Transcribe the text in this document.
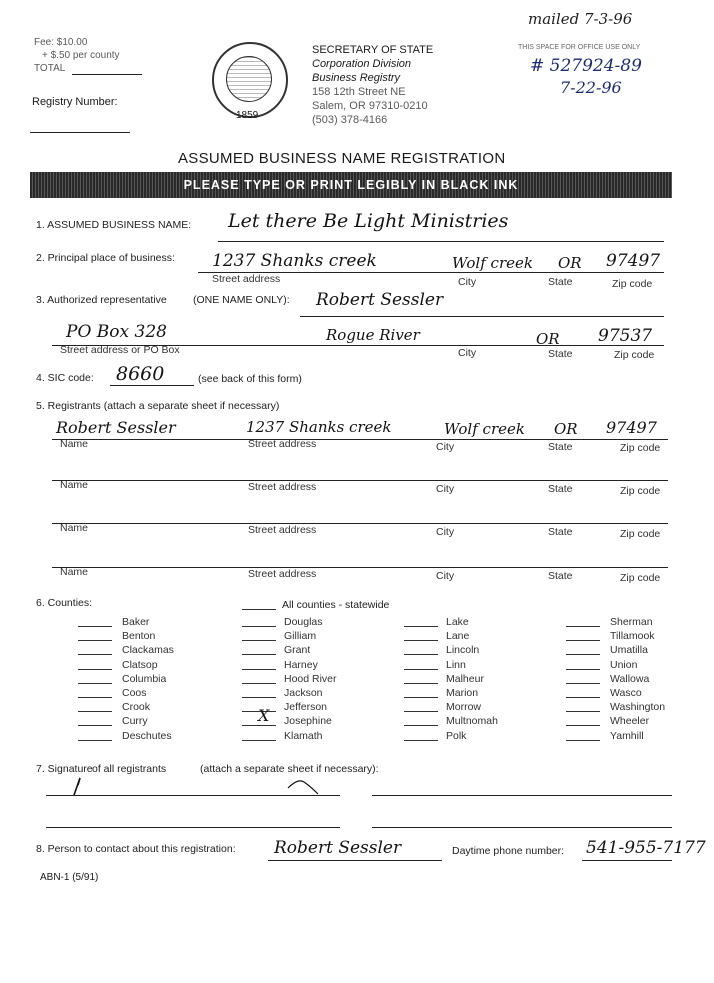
Fee: $10.00
+ $.50 per county
TOTAL
Registry Number:
1859
SECRETARY OF STATE
Corporation Division
Business Registry
158 12th Street NE
Salem, OR 97310-0210
(503) 378-4166
mailed 7-3-96
THIS SPACE FOR OFFICE USE ONLY
# 527924-89
7-22-96
ASSUMED BUSINESS NAME REGISTRATION
PLEASE TYPE OR PRINT LEGIBLY IN BLACK INK
1. ASSUMED BUSINESS NAME: Let there Be Light Ministries
2. Principal place of business: 1237 Shanks creek	Wolf creek OR 97497
Street address	City	State	Zip code
3. Authorized representative	(ONE NAME ONLY): Robert Sessler
PO Box 328	Rogue River	OR 97537
Street address or PO Box	City	State	Zip code
4. SIC code: 8660	(see back of this form)
5. Registrants (attach a separate sheet if necessary)
Robert Sessler	1237 Shanks creek	Wolf creek OR 97497
Name	Street address	City	State	Zip code
Name	Street address	City	State	Zip code
Name	Street address	City	State	Zip code
Name	Street address	City	State	Zip code
6. Counties:	All counties - statewide
Baker
Benton
Clackamas
Clatsop
Columbia
Coos
Crook
Curry
Deschutes
Douglas
Gilliam
Grant
Harney
Hood River
Jackson
Jefferson
Josephine
Klamath
Lake
Lane
Lincoln
Linn
Malheur
Marion
Morrow
Multnomah
Polk
Sherman
Tillamook
Umatilla
Union
Wallowa
Wasco
Washington
Wheeler
Yamhill
X
7. Signature of all registrants	(attach a separate sheet if necessary):
8. Person to contact about this registration: Robert Sessler	Daytime phone number: 541-955-7177
ABN-1 (5/91)
